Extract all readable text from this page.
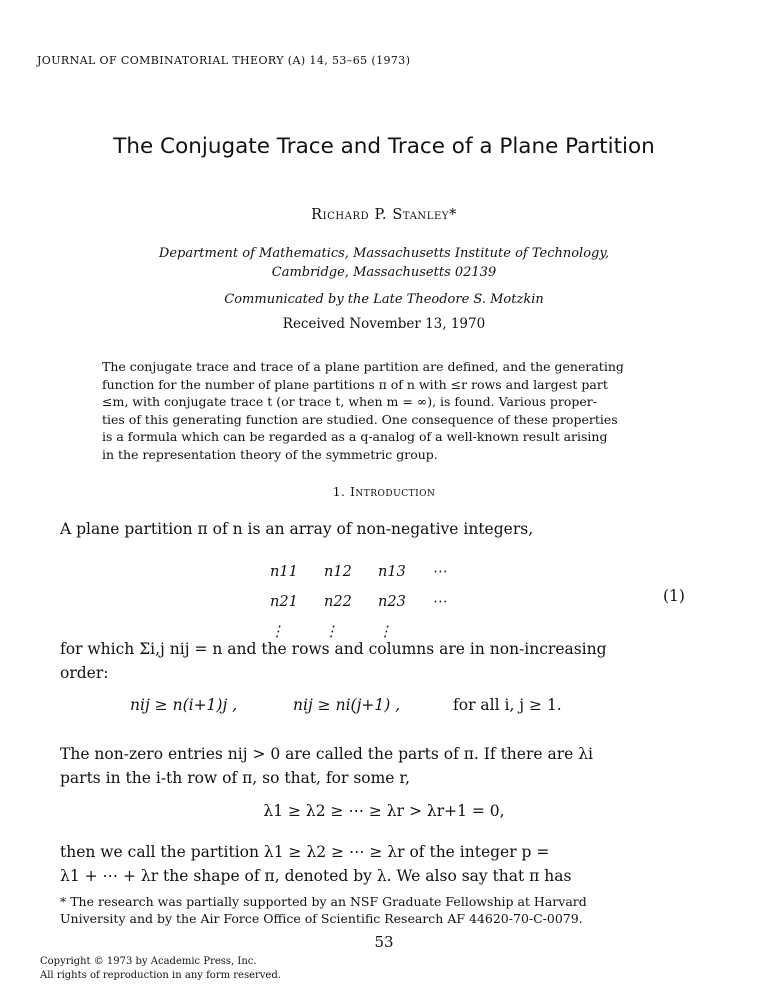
JOURNAL OF COMBINATORIAL THEORY (A) 14, 53–65 (1973)
The Conjugate Trace and Trace of a Plane Partition
Richard P. Stanley*
Department of Mathematics, Massachusetts Institute of Technology,
Cambridge, Massachusetts 02139
Communicated by the Late Theodore S. Motzkin
Received November 13, 1970
The conjugate trace and trace of a plane partition are defined, and the generating
function for the number of plane partitions π of n with ≤r rows and largest part
≤m, with conjugate trace t (or trace t, when m = ∞), is found. Various proper-
ties of this generating function are studied. One consequence of these properties
is a formula which can be regarded as a q-analog of a well-known result arising
in the representation theory of the symmetric group.
1. Introduction
A plane partition π of n is an array of non-negative integers,
n11 n12 n13 ⋯
n21 n22 n23 ⋯
⋮	⋮	⋮
(1)
for which Σi,j nij = n and the rows and columns are in non-increasing
order:
nij ≥ n(i+1)j ,	nij ≥ ni(j+1) ,	for all i, j ≥ 1.
The non-zero entries nij > 0 are called the parts of π. If there are λi
parts in the i-th row of π, so that, for some r,
λ1 ≥ λ2 ≥ ⋯ ≥ λr > λr+1 = 0,
then we call the partition λ1 ≥ λ2 ≥ ⋯ ≥ λr of the integer p =
λ1 + ⋯ + λr the shape of π, denoted by λ. We also say that π has
* The research was partially supported by an NSF Graduate Fellowship at Harvard
University and by the Air Force Office of Scientific Research AF 44620-70-C-0079.
53
Copyright © 1973 by Academic Press, Inc.
All rights of reproduction in any form reserved.
